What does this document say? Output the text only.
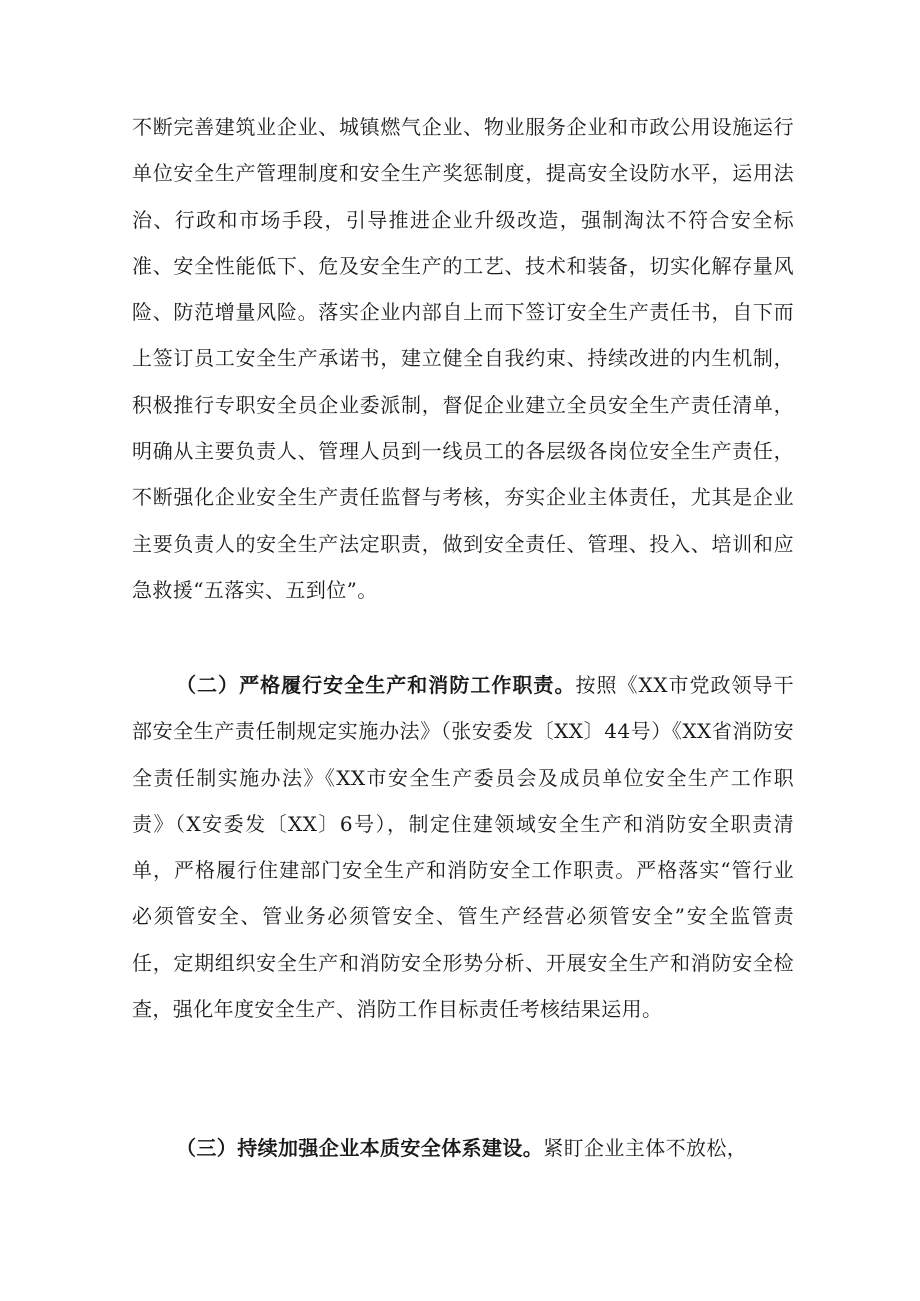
不断完善建筑业企业、城镇燃气企业、物业服务企业和市政公用设施运行单位安全生产管理制度和安全生产奖惩制度，提高安全设防水平，运用法治、行政和市场手段，引导推进企业升级改造，强制淘汰不符合安全标准、安全性能低下、危及安全生产的工艺、技术和装备，切实化解存量风险、防范增量风险。落实企业内部自上而下签订安全生产责任书，自下而上签订员工安全生产承诺书，建立健全自我约束、持续改进的内生机制，积极推行专职安全员企业委派制，督促企业建立全员安全生产责任清单，明确从主要负责人、管理人员到一线员工的各层级各岗位安全生产责任，不断强化企业安全生产责任监督与考核，夯实企业主体责任，尤其是企业主要负责人的安全生产法定职责，做到安全责任、管理、投入、培训和应急救援“五落实、五到位”。

（二）严格履行安全生产和消防工作职责。按照《XX市党政领导干部安全生产责任制规定实施办法》（张安委发〔XX〕44号）《XX省消防安全责任制实施办法》《XX市安全生产委员会及成员单位安全生产工作职责》（X安委发〔XX〕6号），制定住建领域安全生产和消防安全职责清单，严格履行住建部门安全生产和消防安全工作职责。严格落实“管行业必须管安全、管业务必须管安全、管生产经营必须管安全”安全监管责任，定期组织安全生产和消防安全形势分析、开展安全生产和消防安全检查，强化年度安全生产、消防工作目标责任考核结果运用。

（三）持续加强企业本质安全体系建设。紧盯企业主体不放松，
